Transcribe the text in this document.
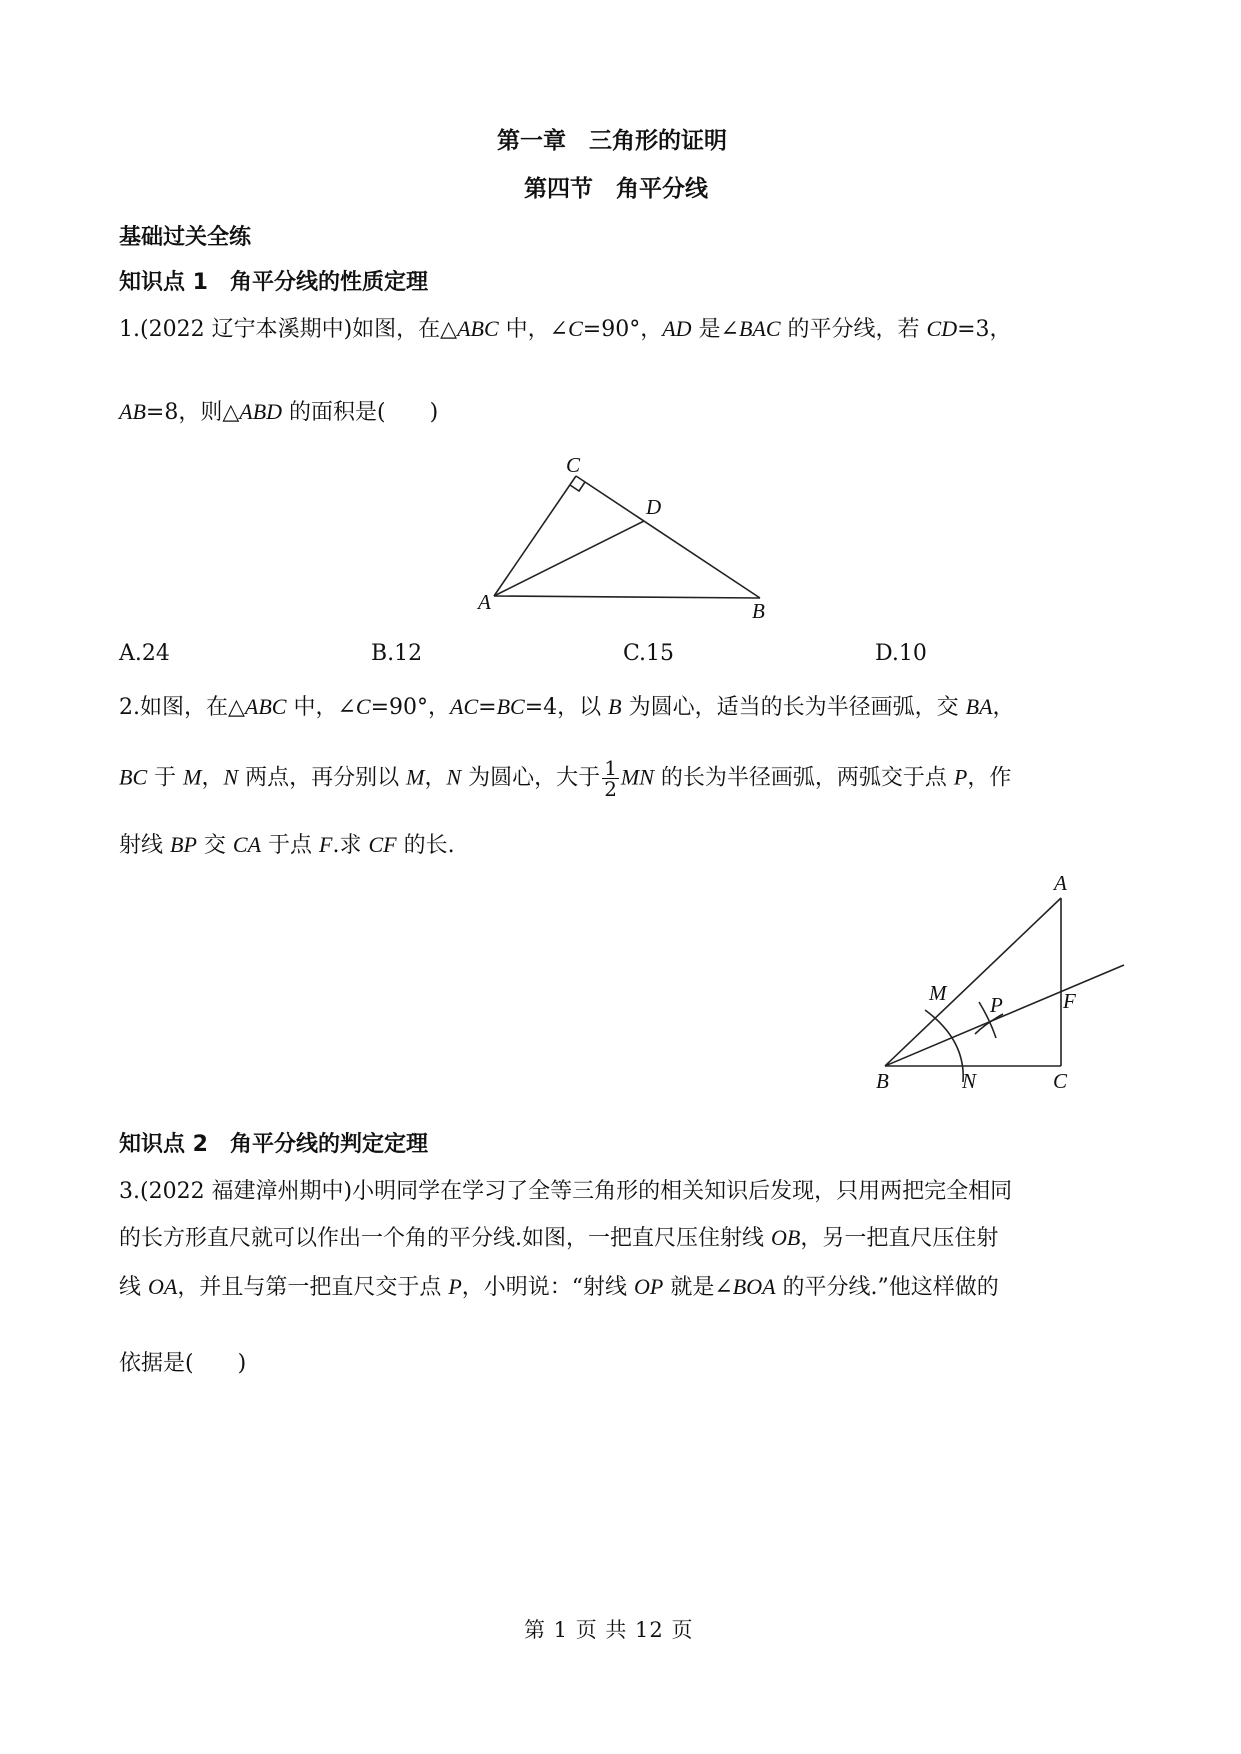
第一章　三角形的证明
第四节　角平分线
基础过关全练
知识点 1　 角平分线的性质定理
1.(2022 辽宁本溪期中)如图，在△ABC 中，∠C=90°，AD 是∠BAC 的平分线，若 CD=3，
AB=8，则△ABD 的面积是(　　)
C
D
A	B
A.24	B.12	C.15	D.10
2.如图，在△ABC 中，∠C=90°，AC=BC=4，以 B 为圆心，适当的长为半径画弧，交 BA，
BC 于 M，N 两点，再分别以 M，N 为圆心，大于 $\frac{1}{2}$ MN 的长为半径画弧，两弧交于点 P，作
射线 BP 交 CA 于点 F.求 CF 的长.
A
M P	F
B	N	C
知识点 2　 角平分线的判定定理
3.(2022 福建漳州期中)小明同学在学习了全等三角形的相关知识后发现，只用两把完全相同
的长方形直尺就可以作出一个角的平分线.如图，一把直尺压住射线 OB，另一把直尺压住射
线 OA，并且与第一把直尺交于点 P，小明说：“射线 OP 就是∠BOA 的平分线.”他这样做的
依据是(　　)
第 1 页 共 12 页
